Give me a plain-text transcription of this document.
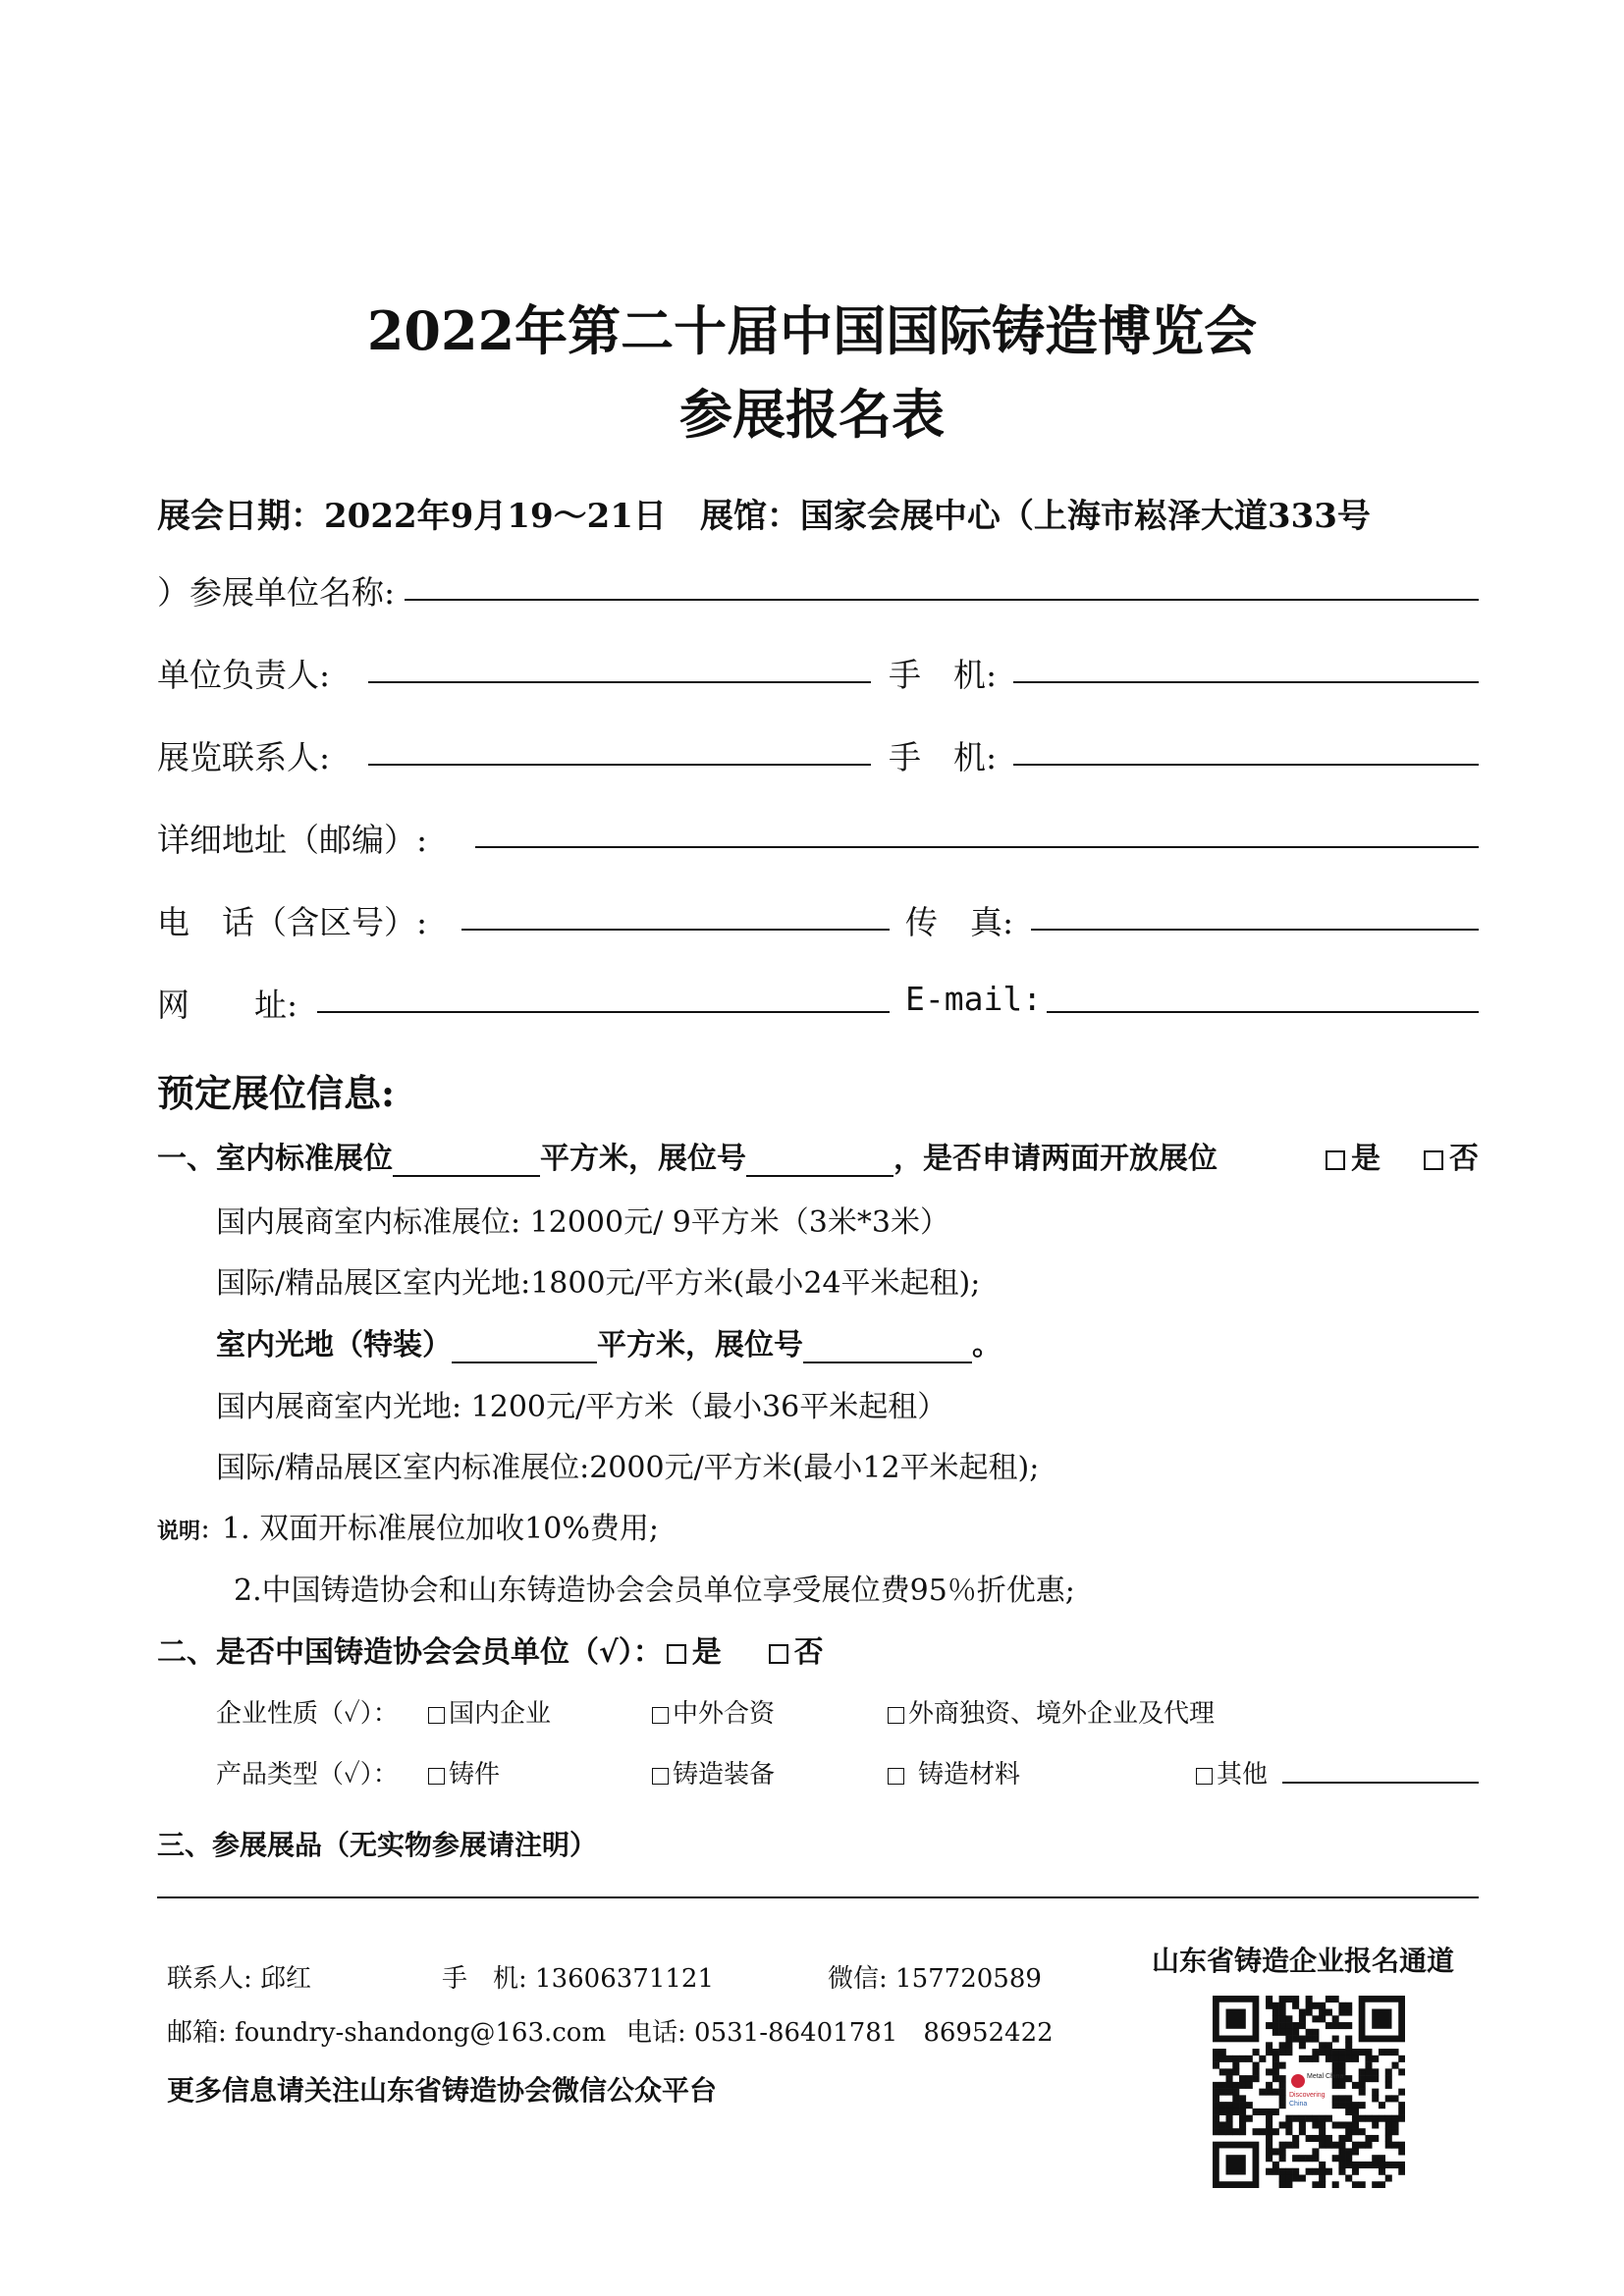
2022年第二十届中国国际铸造博览会
参展报名表
展会日期：2022年9月19～21日　展馆：国家会展中心（上海市崧泽大道333号
）参展单位名称:
单位负责人:	手　机:
展览联系人:	手　机:
详细地址（邮编）:
电　话（含区号）:	传　真:
网　　址:	E-mail:
预定展位信息:
一、室内标准展位	平方米，展位号	，是否申请两面开放展位	是	否
国内展商室内标准展位: 12000元/ 9平方米（3米*3米）
国际/精品展区室内光地:1800元/平方米(最小24平米起租);
室内光地（特装）	平方米，展位号	。
国内展商室内光地: 1200元/平方米（最小36平米起租）
国际/精品展区室内标准展位:2000元/平方米(最小12平米起租);
说明：1. 双面开标准展位加收10%费用;
2.中国铸造协会和山东铸造协会会员单位享受展位费95％折优惠;
二、是否中国铸造协会会员单位（√）： 是 否
企业性质（✓）：	国内企业	中外合资	外商独资、境外企业及代理
产品类型（✓）：	铸件	铸造装备	铸造材料	其他
三、参展展品（无实物参展请注明）
联系人: 邱红	手　机: 13606371121	微信: 157720589
山东省铸造企业报名通道
邮箱: foundry-shandong@163.com 电话: 0531-86401781　86952422
更多信息请关注山东省铸造协会微信公众平台	Metal China
Discovering
China
